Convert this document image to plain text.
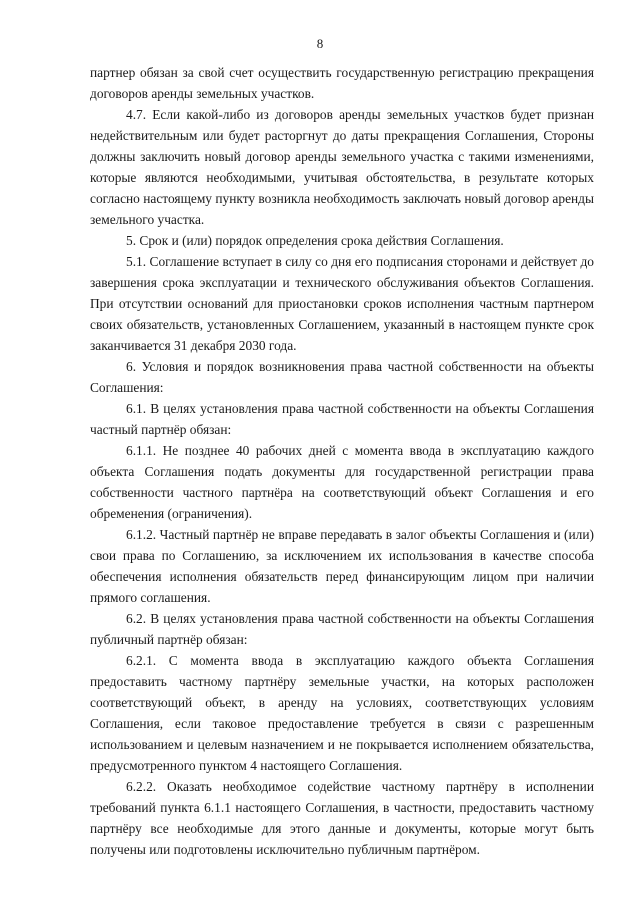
8

партнер обязан за свой счет осуществить государственную регистрацию прекращения договоров аренды земельных участков.

4.7. Если какой-либо из договоров аренды земельных участков будет признан недействительным или будет расторгнут до даты прекращения Соглашения, Стороны должны заключить новый договор аренды земельного участка с такими изменениями, которые являются необходимыми, учитывая обстоятельства, в результате которых согласно настоящему пункту возникла необходимость заключать новый договор аренды земельного участка.

5. Срок и (или) порядок определения срока действия Соглашения.

5.1. Соглашение вступает в силу со дня его подписания сторонами и действует до завершения срока эксплуатации и технического обслуживания объектов Соглашения. При отсутствии оснований для приостановки сроков исполнения частным партнером своих обязательств, установленных Соглашением, указанный в настоящем пункте срок заканчивается 31 декабря 2030 года.

6. Условия и порядок возникновения права частной собственности на объекты Соглашения:

6.1. В целях установления права частной собственности на объекты Соглашения частный партнёр обязан:

6.1.1. Не позднее 40 рабочих дней с момента ввода в эксплуатацию каждого объекта Соглашения подать документы для государственной регистрации права собственности частного партнёра на соответствующий объект Соглашения и его обременения (ограничения).

6.1.2. Частный партнёр не вправе передавать в залог объекты Соглашения и (или) свои права по Соглашению, за исключением их использования в качестве способа обеспечения исполнения обязательств перед финансирующим лицом при наличии прямого соглашения.

6.2. В целях установления права частной собственности на объекты Соглашения публичный партнёр обязан:

6.2.1. С момента ввода в эксплуатацию каждого объекта Соглашения предоставить частному партнёру земельные участки, на которых расположен соответствующий объект, в аренду на условиях, соответствующих условиям Соглашения, если таковое предоставление требуется в связи с разрешенным использованием и целевым назначением и не покрывается исполнением обязательства, предусмотренного пунктом 4 настоящего Соглашения.

6.2.2. Оказать необходимое содействие частному партнёру в исполнении требований пункта 6.1.1 настоящего Соглашения, в частности, предоставить частному партнёру все необходимые для этого данные и документы, которые могут быть получены или подготовлены исключительно публичным партнёром.
